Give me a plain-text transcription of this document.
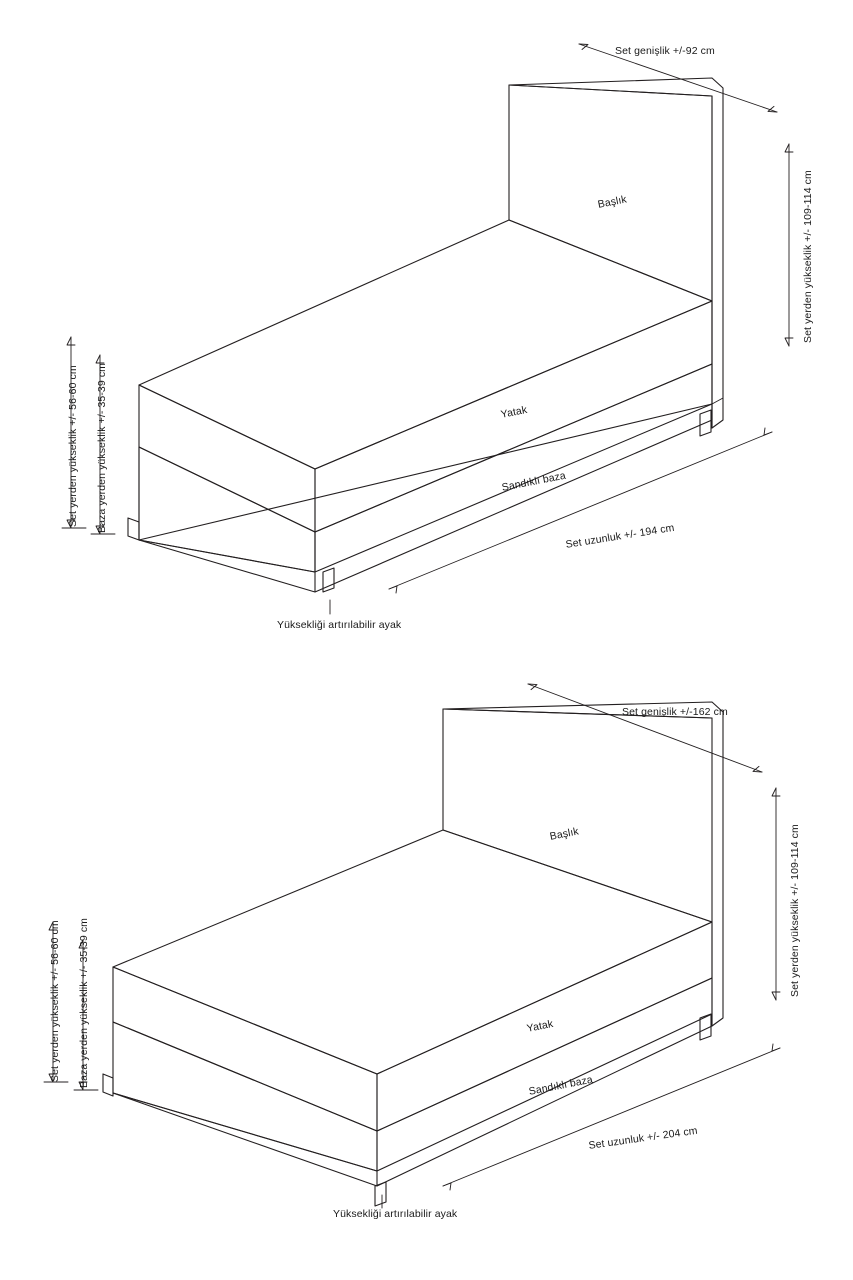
Set genişlik +/-92 cm
Set yerden yükseklik +/- 109-114 cm
Set yerden yükseklik +/- 56-60 cm Baza yerden yükseklik +/- 35-39 cm
Set uzunluk +/- 194 cm
Başlık
Yatak
Sandıklı baza
Yüksekliği artırılabilir ayak
Set genişlik +/-162 cm
Set yerden yükseklik +/- 109-114 cm
Set yerden yükseklik +/- 56-60 cm Baza yerden yükseklik +/- 35-39 cm
Set uzunluk +/- 204 cm
Başlık
Yatak
Sandıklı baza
Yüksekliği artırılabilir ayak
